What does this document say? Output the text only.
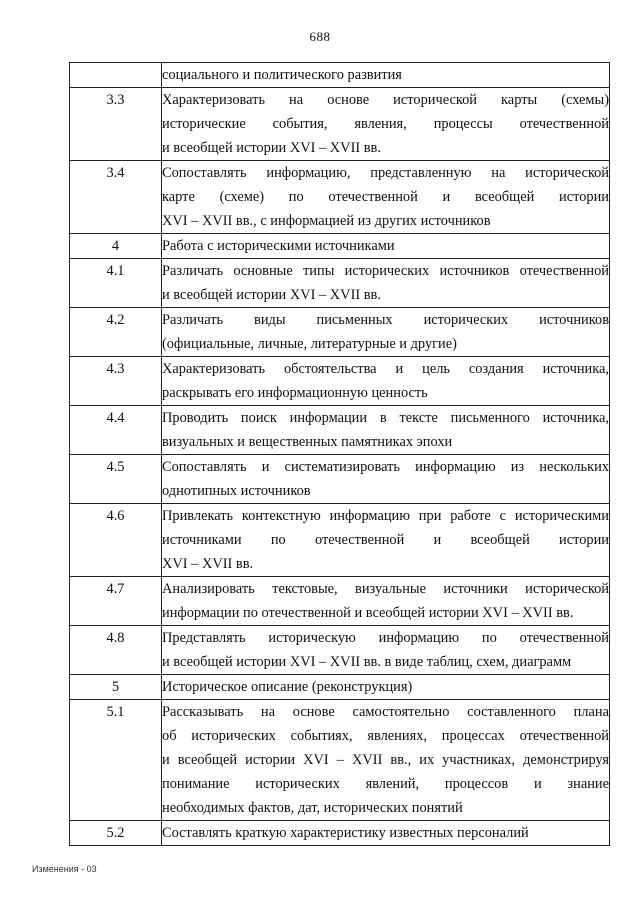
688

	социального и политического развития

3.3	Характеризовать на основе исторической карты (схемы)
исторические события, явления, процессы отечественной
и всеобщей истории XVI – XVII вв.

3.4	Сопоставлять информацию, представленную на исторической
карте (схеме) по отечественной и всеобщей истории
XVI – XVII вв., с информацией из других источников

4	Работа с историческими источниками

4.1	Различать основные типы исторических источников отечественной
и всеобщей истории XVI – XVII вв.

4.2	Различать виды письменных исторических источников
(официальные, личные, литературные и другие)

4.3	Характеризовать обстоятельства и цель создания источника,
раскрывать его информационную ценность

4.4	Проводить поиск информации в тексте письменного источника,
визуальных и вещественных памятниках эпохи

4.5	Сопоставлять и систематизировать информацию из нескольких
однотипных источников

4.6	Привлекать контекстную информацию при работе с историческими
источниками по отечественной и всеобщей истории
XVI – XVII вв.

4.7	Анализировать текстовые, визуальные источники исторической
информации по отечественной и всеобщей истории XVI – XVII вв.

4.8	Представлять историческую информацию по отечественной
и всеобщей истории XVI – XVII вв. в виде таблиц, схем, диаграмм

5	Историческое описание (реконструкция)

5.1	Рассказывать на основе самостоятельно составленного плана
об исторических событиях, явлениях, процессах отечественной
и всеобщей истории XVI – XVII вв., их участниках, демонстрируя
понимание исторических явлений, процессов и знание
необходимых фактов, дат, исторических понятий

5.2	Составлять краткую характеристику известных персоналий
Изменения - 03
